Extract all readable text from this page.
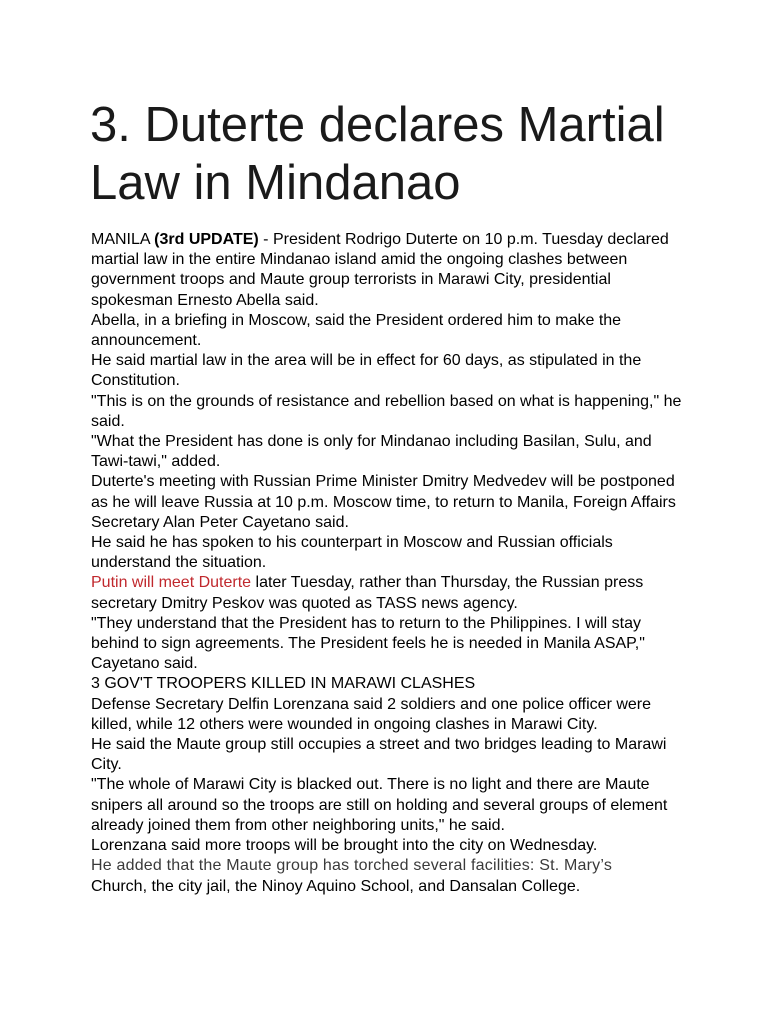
3. Duterte declares Martial Law in Mindanao

MANILA (3rd UPDATE) - President Rodrigo Duterte on 10 p.m. Tuesday declared martial law in the entire Mindanao island amid the ongoing clashes between government troops and Maute group terrorists in Marawi City, presidential spokesman Ernesto Abella said.

Abella, in a briefing in Moscow, said the President ordered him to make the announcement.

He said martial law in the area will be in effect for 60 days, as stipulated in the Constitution.

"This is on the grounds of resistance and rebellion based on what is happening," he said.

"What the President has done is only for Mindanao including Basilan, Sulu, and Tawi-tawi," added.

Duterte's meeting with Russian Prime Minister Dmitry Medvedev will be postponed as he will leave Russia at 10 p.m. Moscow time, to return to Manila, Foreign Affairs Secretary Alan Peter Cayetano said.

He said he has spoken to his counterpart in Moscow and Russian officials understand the situation.

Putin will meet Duterte later Tuesday, rather than Thursday, the Russian press secretary Dmitry Peskov was quoted as TASS news agency.

"They understand that the President has to return to the Philippines. I will stay behind to sign agreements. The President feels he is needed in Manila ASAP," Cayetano said.

3 GOV'T TROOPERS KILLED IN MARAWI CLASHES

Defense Secretary Delfin Lorenzana said 2 soldiers and one police officer were killed, while 12 others were wounded in ongoing clashes in Marawi City.

He said the Maute group still occupies a street and two bridges leading to Marawi City.

"The whole of Marawi City is blacked out. There is no light and there are Maute snipers all around so the troops are still on holding and several groups of element already joined them from other neighboring units," he said.

Lorenzana said more troops will be brought into the city on Wednesday.

He added that the Maute group has torched several facilities: St. Mary’s
Church, the city jail, the Ninoy Aquino School, and Dansalan College.
